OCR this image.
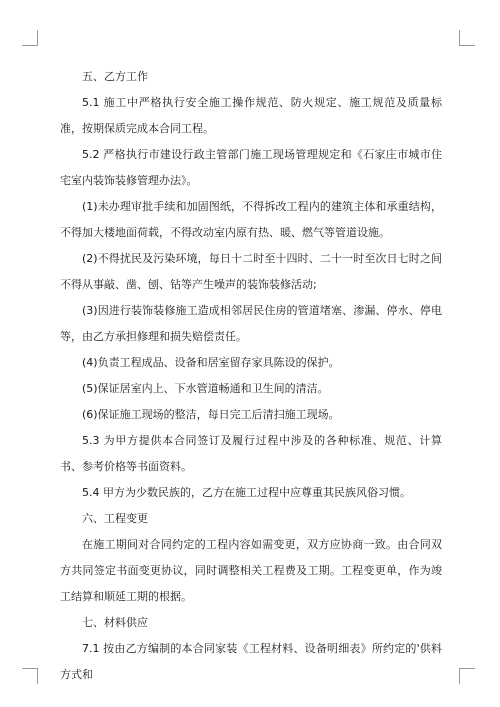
五、乙方工作

5.1 施工中严格执行安全施工操作规范、防火规定、施工规范及质量标准，按期保质完成本合同工程。

5.2 严格执行市建设行政主管部门施工现场管理规定和《石家庄市城市住宅室内装饰装修管理办法》。

(1)未办理审批手续和加固图纸，不得拆改工程内的建筑主体和承重结构，不得加大楼地面荷载，不得改动室内原有热、暖、燃气等管道设施。

(2)不得扰民及污染环境，每日十二时至十四时、二十一时至次日七时之间不得从事敲、凿、刨、钻等产生噪声的装饰装修活动;

(3)因进行装饰装修施工造成相邻居民住房的管道堵塞、渗漏、停水、停电等，由乙方承担修理和损失赔偿责任。

(4)负责工程成品、设备和居室留存家具陈设的保护。

(5)保证居室内上、下水管道畅通和卫生间的清洁。

(6)保证施工现场的整洁，每日完工后清扫施工现场。

5.3 为甲方提供本合同签订及履行过程中涉及的各种标准、规范、计算书、参考价格等书面资料。

5.4 甲方为少数民族的，乙方在施工过程中应尊重其民族风俗习惯。

六、工程变更

在施工期间对合同约定的工程内容如需变更，双方应协商一致。由合同双方共同签定书面变更协议，同时调整相关工程费及工期。工程变更单，作为竣工结算和顺延工期的根据。

七、材料供应

7.1 按由乙方编制的本合同家装《工程材料、设备明细表》所约定的'供料方式和
